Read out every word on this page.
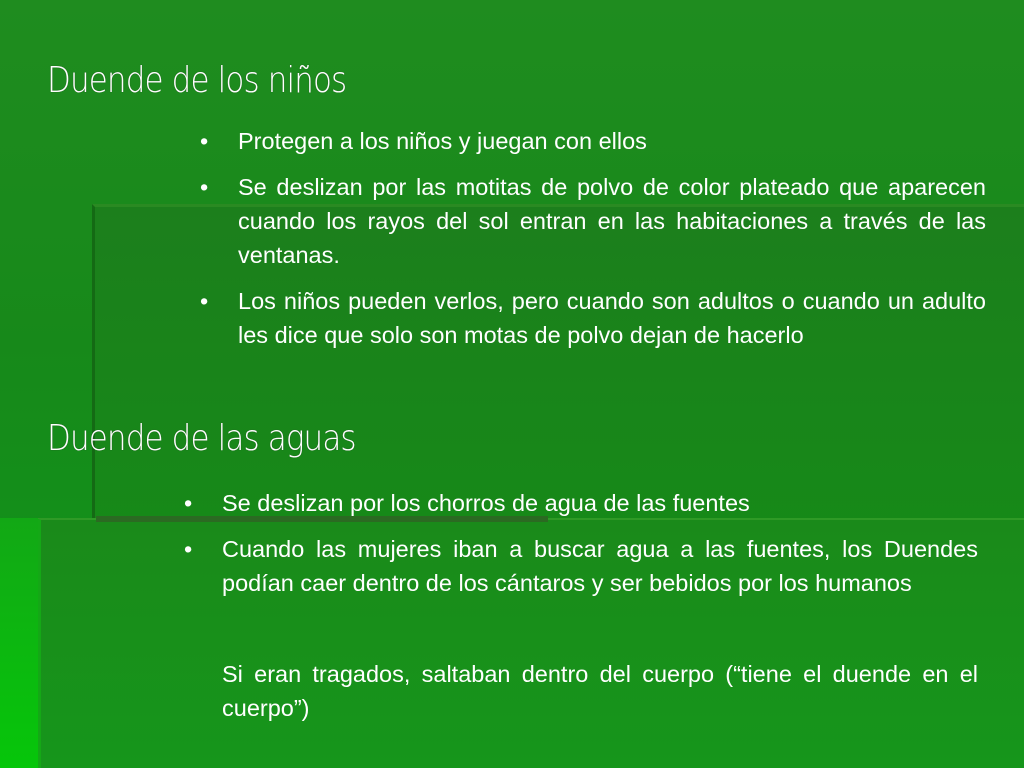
Duende de los niños
• Protegen a los niños y juegan con ellos
• Se deslizan por las motitas de polvo de color plateado que aparecen cuando los rayos del sol entran en las habitaciones a través de las ventanas.
• Los niños pueden verlos, pero cuando son adultos o cuando un adulto les dice que solo son motas de polvo dejan de hacerlo
Duende de las aguas
• Se deslizan por los chorros de agua de las fuentes
• Cuando las mujeres iban a buscar agua a las fuentes, los Duendes podían caer dentro de los cántaros y ser bebidos por los humanos

Si eran tragados, saltaban dentro del cuerpo (“tiene el duende en el cuerpo”)
